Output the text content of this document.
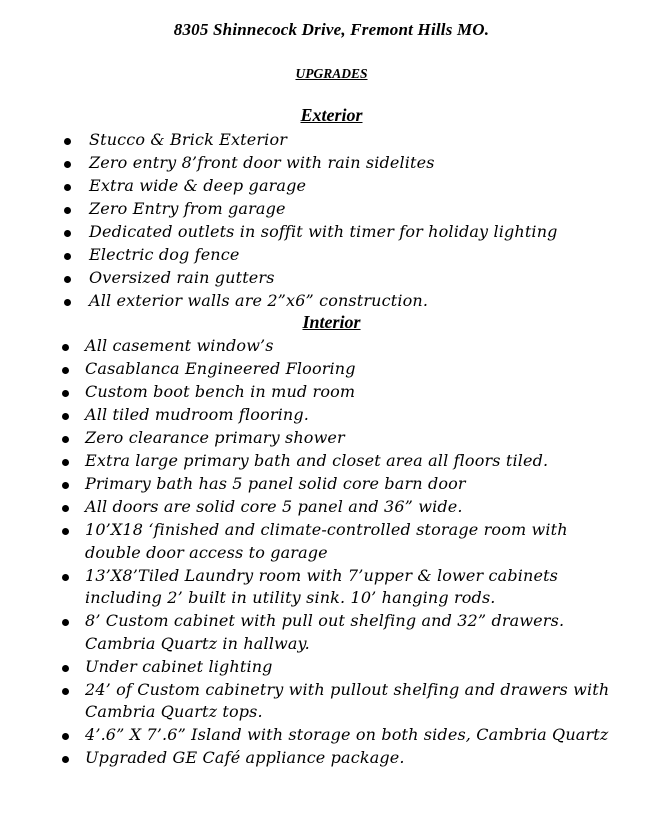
8305 Shinnecock Drive, Fremont Hills MO.
UPGRADES
Exterior
Stucco & Brick Exterior
Zero entry 8’front door with rain sidelites
Extra wide & deep garage
Zero Entry from garage
Dedicated outlets in soffit with timer for holiday lighting
Electric dog fence
Oversized rain gutters
All exterior walls are 2”x6” construction.
Interior
All casement window’s
Casablanca Engineered Flooring
Custom boot bench in mud room
All tiled mudroom flooring.
Zero clearance primary shower
Extra large primary bath and closet area all floors tiled.
Primary bath has 5 panel solid core barn door
All doors are solid core 5 panel and 36” wide.
10’X18 ‘finished and climate-controlled storage room with double door access to garage
13’X8’Tiled Laundry room with 7’upper & lower cabinets including 2’ built in utility sink. 10’ hanging rods.
8’ Custom cabinet with pull out shelfing and 32” drawers. Cambria Quartz in hallway.
Under cabinet lighting
24’ of Custom cabinetry with pullout shelfing and drawers with Cambria Quartz tops.
4’.6” X 7’.6” Island with storage on both sides, Cambria Quartz
Upgraded GE Café appliance package.
